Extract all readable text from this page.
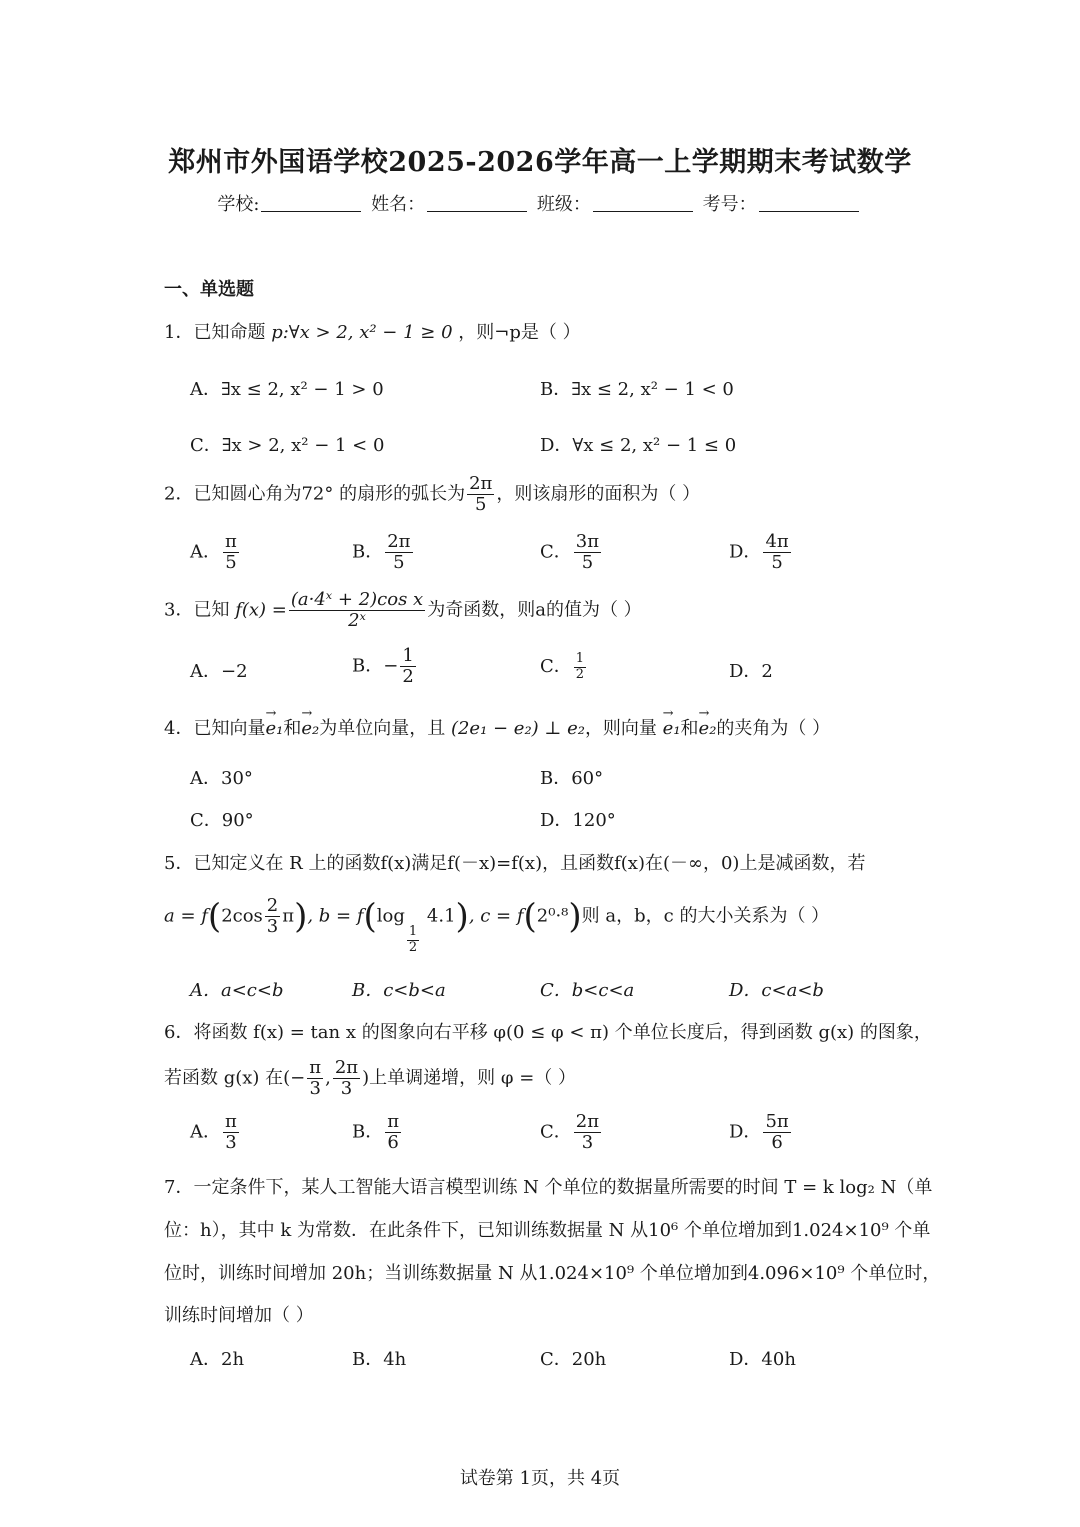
郑州市外国语学校2025-2026学年高一上学期期末考试数学
学校:	姓名：	班级：	考号：
一、单选题
1．已知命题 p:∀x > 2, x² − 1 ≥ 0 ，则¬p是（ ）
A．∃x ≤ 2, x² − 1 > 0	B．∃x ≤ 2, x² − 1 < 0
C．∃x > 2, x² − 1 < 0	D．∀x ≤ 2, x² − 1 ≤ 0
2．已知圆心角为72° 的扇形的弧长为 $\frac{2\pi}{5}$ ，则该扇形的面积为（ ）
A． $\frac{\pi}{5}$	B． $\frac{2\pi}{5}$	C． $\frac{3\pi}{5}$	D． $\frac{4\pi}{5}$
3．已知 $f(x) = \frac{\text{(a·4ˣ + 2)cos x}}{\text{2ˣ}}$ 为奇函数，则a的值为（ ）
A．−2	B．− $\frac{1}{2}$	C． $\frac{1}{2}$	D．2
4．已知向量→ e₁和→ e₂为单位向量，且 (2e₁ − e₂) ⊥ e₂，则向量 → e₁和→ e₂的夹角为（ ）
A．30°	B．60°
C．90°	D．120°
5．已知定义在 R 上的函数f(x)满足f(－x)=f(x)，且函数f(x)在(－∞，0)上是减函数，若
$a = f(2\cos \frac{2}{3} \pi)$, b = f(log
$\frac{1}{2}$
4.1), c = f(2⁰·⁸)则 a，b，c 的大小关系为（ ）
A．a<c<b	B．c<b<a	C．b<c<a	D．c<a<b
6．将函数 f(x) = tan x 的图象向右平移 φ(0 ≤ φ < π) 个单位长度后，得到函数 g(x) 的图象，
若函数 g(x) 在(− $\frac{\pi}{3}$ , $\frac{2\pi}{3}$ )上单调递增，则 φ =（ ）
A． $\frac{\pi}{3}$	B． $\frac{\pi}{6}$	C． $\frac{2\pi}{3}$	D． $\frac{5\pi}{6}$
7．一定条件下，某人工智能大语言模型训练 N 个单位的数据量所需要的时间 T = k log₂ N（单
位：h），其中 k 为常数．在此条件下，已知训练数据量 N 从10⁶ 个单位增加到1.024×10⁹ 个单
位时，训练时间增加 20h；当训练数据量 N 从1.024×10⁹ 个单位增加到4.096×10⁹ 个单位时，
训练时间增加（ ）
A．2h	B．4h	C．20h	D．40h
试卷第 1页，共 4页
